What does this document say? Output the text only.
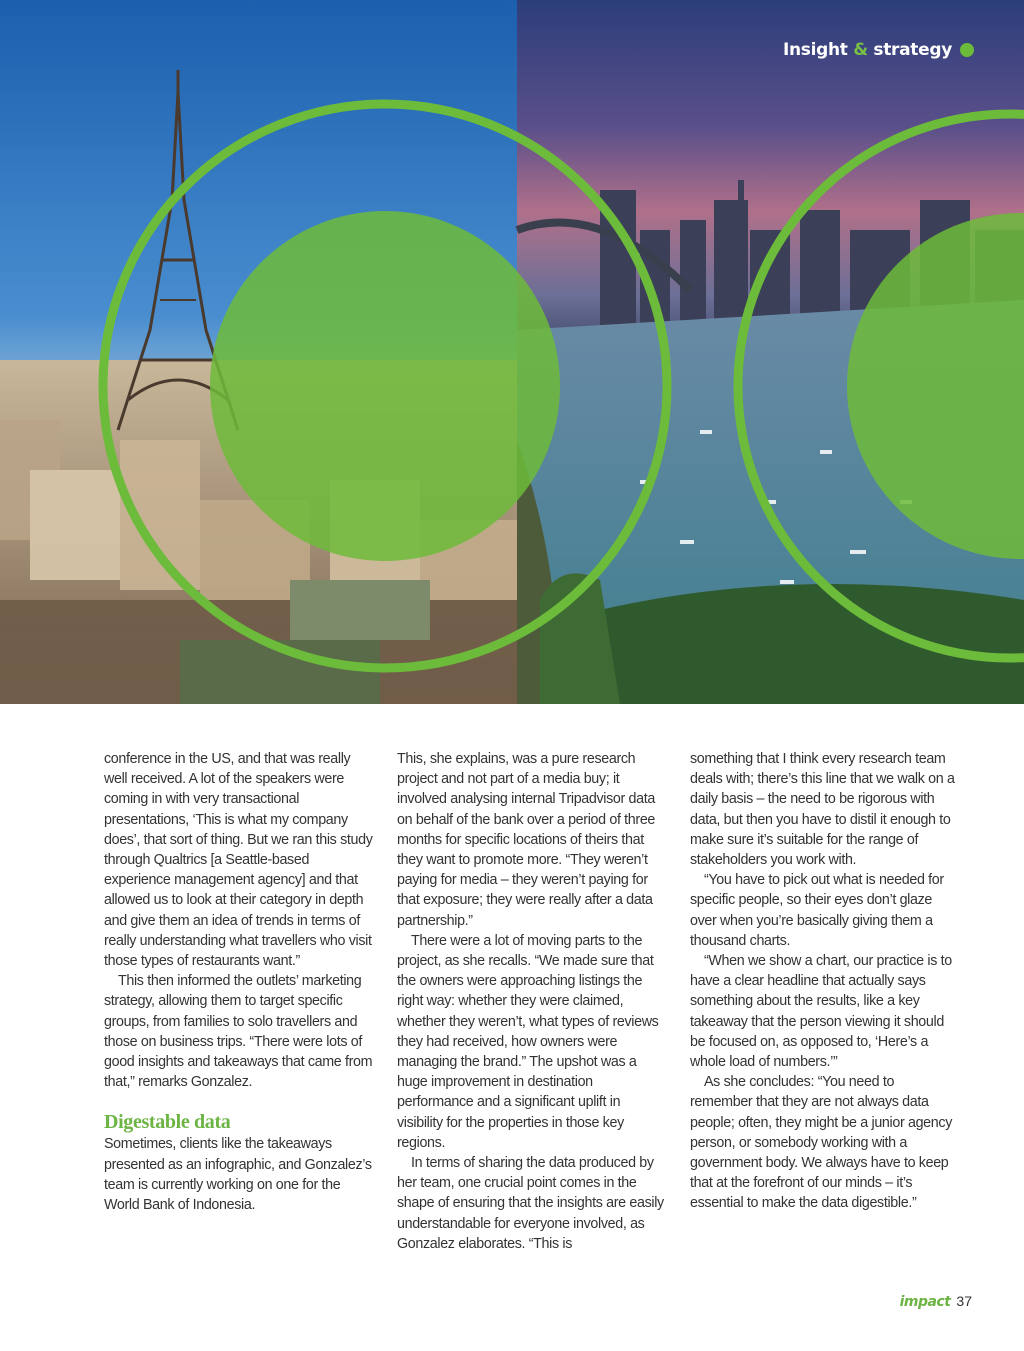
Insight & strategy

conference in the US, and that was really well received. A lot of the speakers were coming in with very transactional presentations, ‘This is what my company does’, that sort of thing. But we ran this study through Qualtrics [a Seattle-based experience management agency] and that allowed us to look at their category in depth and give them an idea of trends in terms of really understanding what travellers who visit those types of restaurants want.”

This then informed the outlets’ marketing strategy, allowing them to target specific groups, from families to solo travellers and those on business trips. “There were lots of good insights and takeaways that came from that,” remarks Gonzalez.

Digestable data

Sometimes, clients like the takeaways presented as an infographic, and Gonzalez’s team is currently working on one for the World Bank of Indonesia.

This, she explains, was a pure research project and not part of a media buy; it involved analysing internal Tripadvisor data on behalf of the bank over a period of three months for specific locations of theirs that they want to promote more. “They weren’t paying for media – they weren’t paying for that exposure; they were really after a data partnership.”

There were a lot of moving parts to the project, as she recalls. “We made sure that the owners were approaching listings the right way: whether they were claimed, whether they weren’t, what types of reviews they had received, how owners were managing the brand.” The upshot was a huge improvement in destination performance and a significant uplift in visibility for the properties in those key regions.

In terms of sharing the data produced by her team, one crucial point comes in the shape of ensuring that the insights are easily understandable for everyone involved, as Gonzalez elaborates. “This is

something that I think every research team deals with; there’s this line that we walk on a daily basis – the need to be rigorous with data, but then you have to distil it enough to make sure it’s suitable for the range of stakeholders you work with.

“You have to pick out what is needed for specific people, so their eyes don’t glaze over when you’re basically giving them a thousand charts.

“When we show a chart, our practice is to have a clear headline that actually says something about the results, like a key takeaway that the person viewing it should be focused on, as opposed to, ‘Here’s a whole load of numbers.’”

As she concludes: “You need to remember that they are not always data people; often, they might be a junior agency person, or somebody working with a government body. We always have to keep that at the forefront of our minds – it’s essential to make the data digestible.”

impact 37
